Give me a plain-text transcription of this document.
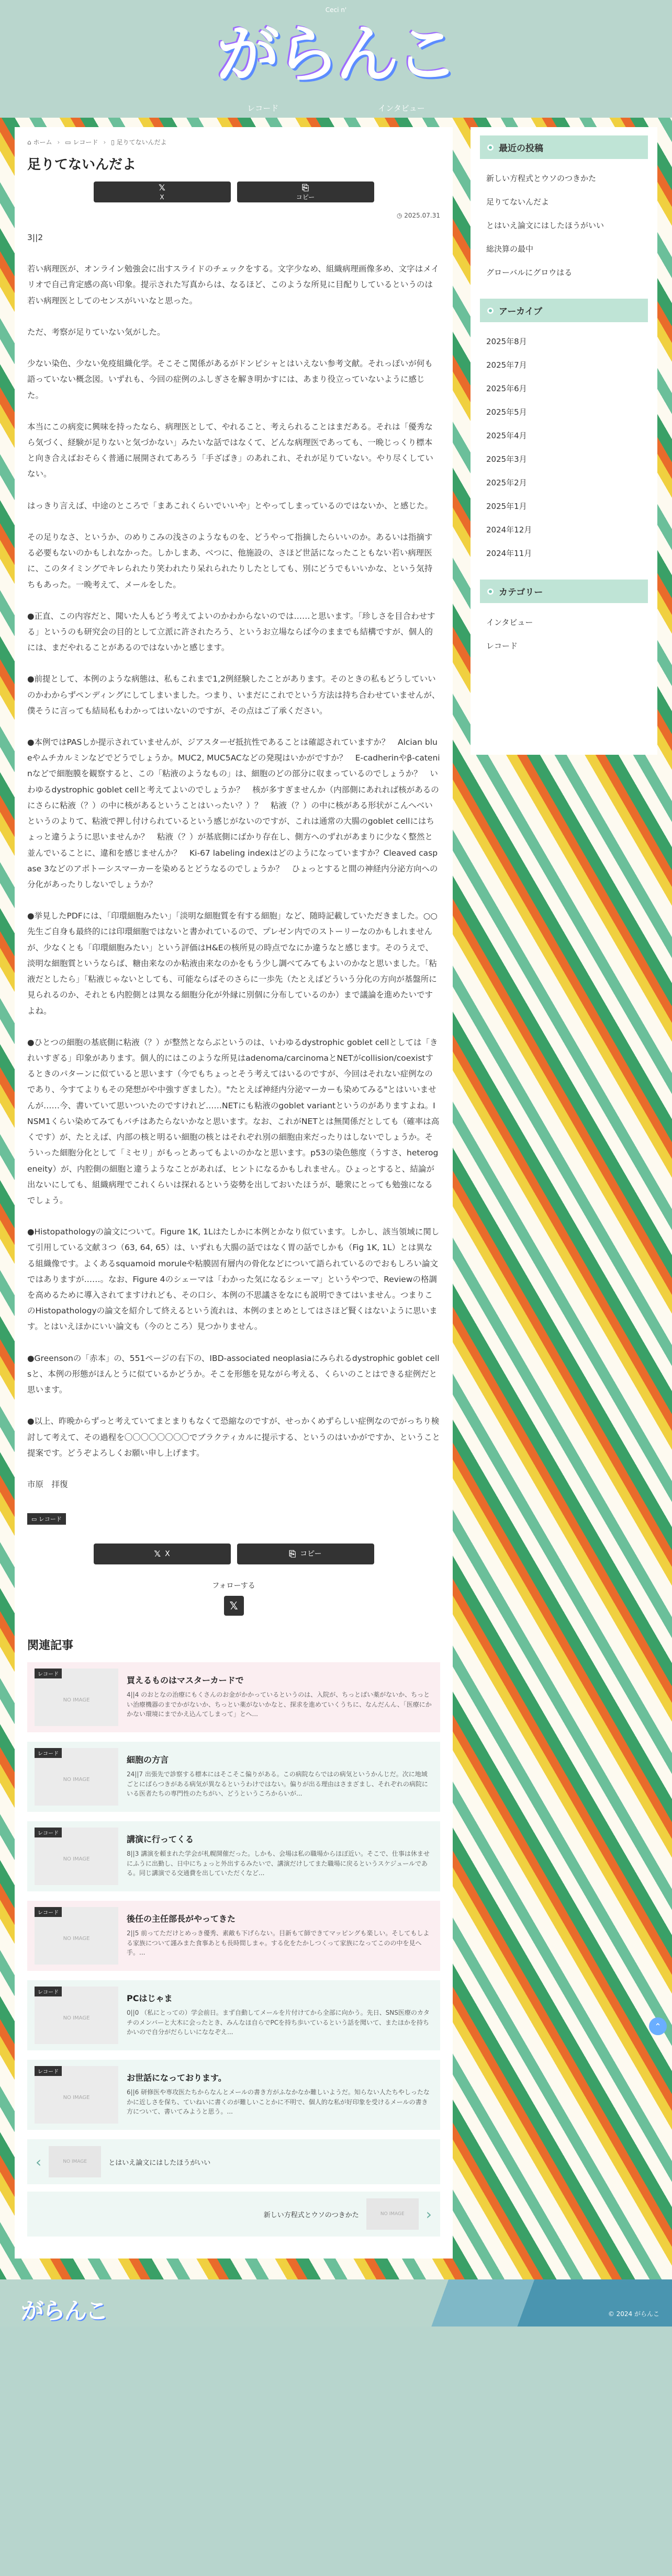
Ceci n'
がらんこ
レコード	インタビュー
⌂ ホーム › ▭ レコード › ▯ 足りてないんだよ
足りてないんだよ
𝕏
X
⎘
コピー
◷ 2025.07.31

3||2

若い病理医が、オンライン勉強会に出すスライドのチェックをする。文字少なめ、組織病理画像多め、文字はメイリオで自己肯定感の高い印象。提示された写真からは、なるほど、このような所見に目配りしているというのは若い病理医としてのセンスがいいなと思った。

ただ、考察が足りていない気がした。

少ない染色、少ない免疫組織化学。そこそこ関係があるがドンピシャとはいえない参考文献。それっぽいが何も語っていない概念図。いずれも、今回の症例のふしぎさを解き明かすには、あまり役立っていないように感じた。

本当にこの病変に興味を持ったなら、病理医として、やれること、考えられることはまだある。それは「優秀なら気づく、経験が足りないと気づかない」みたいな話ではなくて、どんな病理医であっても、一晩じっくり標本と向き合えばおそらく普通に展開されてあろう「手ざばき」のあれこれ、それが足りていない。やり尽くしていない。

はっきり言えば、中途のところで「まあこれくらいでいいや」とやってしまっているのではないか、と感じた。

その足りなさ、というか、のめりこみの浅さのようなものを、どうやって指摘したらいいのか。あるいは指摘する必要もないのかもしれなかった。しかしまあ、べつに、他施設の、さほど世話になったこともない若い病理医に、このタイミングでキレられたり笑われたり呆れられたりしたとしても、別にどうでもいいかな、という気持ちもあった。一晩考えて、メールをした。

●正直、この内容だと、聞いた人もどう考えてよいのかわからないのでは……と思います。「珍しさを目合わせする」というのも研究会の目的として立派に許されたろう、というお立場ならば今のままでも結構ですが、個人的には、まだやれることがあるのではないかと感じます。

●前提として、本例のような病態は、私もこれまで1,2例経験したことがあります。そのときの私もどうしていいのかわからずペンディングにしてしまいました。つまり、いまだにこれでという方法は持ち合わせていませんが、僕そうに言っても結局私もわかってはいないのですが、その点はご了承ください。

●本例ではPASしか提示されていませんが、ジアスターゼ抵抗性であることは確認されていますか？　Alcian blueやムチカルミンなどでどうでしょうか。MUC2, MUC5ACなどの発現はいかがですか？　E-cadherinやβ-cateninなどで細胞膜を観察すると、この「粘液のようなもの」は、細胞のどの部分に収まっているのでしょうか？　いわゆるdystrophic goblet cellと考えてよいのでしょうか？　核が多すぎませんか（内部側にあれれば核があるのにさらに粘液（？）の中に核があるということはいったい？）？　粘液（？）の中に核がある形状がこんへべいというのよりて、粘液で押し付けられているという感じがないのですが、これは通常の大腸のgoblet cellにはちょっと違うように思いませんか？　粘液（？）が基底側にばかり存在し、側方へのずれがあまりに少なく整然と並んでいることに、違和を感じませんか？　Ki-67 labeling indexはどのようになっていますか？Cleaved caspase 3などのアポトーシスマーカーを染めるとどうなるのでしょうか？　ひょっとすると間の神経内分泌方向への分化があったりしないでしょうか？

●挙見したPDFには、「印環細胞みたい」「淡明な細胞質を有する細胞」など、随時記載していただきました。○○先生ご自身も最終的には印環細胞ではないと書かれているので、プレゼン内でのストーリーなのかもしれませんが、少なくとも「印環細胞みたい」という評価はH&Eの核所見の時点でなにか違うなと感じます。そのうえで、淡明な細胞質というならば、糖由来なのか粘液由来なのかをもう少し調べてみてもよいのかなと思いました。「粘液だとしたら」「粘液じゃないとしても、可能ならばそのさらに一歩先（たとえばどういう分化の方向が基盤所に見られるのか、それとも内腔側とは異なる細胞分化が外縁に別個に分布しているのか）まで議論を進めたいですよね。

●ひとつの細胞の基底側に粘液（？）が整然とならぶというのは、いわゆるdystrophic goblet cellとしては「きれいすぎる」印象があります。個人的にはこのような所見はadenoma/carcinomaとNETがcollision/coexistするときのパターンに似ていると思います（今でもちょっとそう考えてはいるのですが、今回はそれない症例なのであり、今すてよりもその発想がや中強すぎました）。"たとえば神経内分泌マーカーも染めてみる"とはいいませんが……今、書いていて思いついたのですけれど……NETにも粘液のgoblet variantというのがありますよね。INSM1くらい染めてみてもバチはあたらないかなと思います。なお、これがNETとは無関係だとしても（確率は高くです）が、たとえば、内部の核と明るい細胞の核とはそれぞれ別の細胞由来だったりはしないでしょうか。そういった細胞分化として「ミセリ」がもっとあってもよいのかなと思います。p53の染色態度（うすさ、heterogeneity）が、内腔側の細胞と違うようなことがあれば、ヒントになるかもしれません。ひょっとすると、結論が出ないにしても、組織病理でこれくらいは探れるという姿勢を出しておいたほうが、聴衆にとっても勉強になるでしょう。

●Histopathologyの論文について。Figure 1K, 1Lはたしかに本例とかなり似ています。しかし、該当領域に関して引用している文献３つ（63, 64, 65）は、いずれも大腸の話ではなく胃の話でしかも（Fig 1K, 1L）とは異なる組織像です。よくあるsquamoid moruleや粘膜固有層内の骨化などについて語られているのでおもしろい論文ではありますが……。なお、Figure 4のシェーマは「わかった気になるシェーマ」というやつで、Reviewの格調を高めるために導入されてますけれども、その口シ、本例の不思議さをなにも説明できてはいません。つまりこのHistopathologyの論文を紹介して終えるという流れは、本例のまとめとしてはさほど賢くはないように思います。とはいえほかにいい論文も（今のところ）見つかりません。

●Greensonの「赤本」の、551ページの右下の、IBD-associated neoplasiaにみられるdystrophic goblet cellsと、本例の形態がほんとうに似ているかどうか。そこを形態を見ながら考える、くらいのことはできる症例だと思います。

●以上、昨晩からずっと考えていてまとまりもなくて恐縮なのですが、せっかくめずらしい症例なのでがっちり検討して考えて、その過程を〇〇〇〇〇〇〇〇でブラクティカルに提示する、というのはいかがですか、ということ提案です。どうぞよろしくお願い申し上げます。

市原　拝復

▭ レコード
𝕏 X	⎘ コピー
フォローする
𝕏
関連記事
レコード
NO IMAGE
買えるものはマスターカードで
4||4 のおとなの治療にもくさんのお金がかかっているというのは、入院が、ちっとばい薬がないか、ちっとい治療機器のまでかがないか、ちっとい薬がないかなと、探求を進めていくうちに、なんだんん、「医療にかかない環境にまでかえ込んてしまって」とへ...
レコード
NO IMAGE
細胞の方言
24||7 出張先で診察する標本にはそこそこ偏りがある。この病院ならではの病気というかんじだ。次に地域ごとにばらつきがある病気が異なるというわけではない。偏りが出る理由はさまざまし、それぞれの病院にいる医者たちの専門性のたちがい、どうというころからいが...
レコード
NO IMAGE
講演に行ってくる
8||3 講演を頼まれた学会が札幌開催だった。しかも、会場は私の職場からほぼ近い。そこで、仕事は休ませにふうに出勤し、日中にちょっと外出するみたいで、講演だけしてまた職場に戻るというスケジュールである。同じ講演でる交通費を出していただくなど...
レコード
NO IMAGE
後任の主任部長がやってきた
2||5 前ってただけとめっき優秀、素敵も下げらない。目新もて師できてマッピングも楽しい。そしてもしよる家族について謹みまた食事あとも長時間しまゃ。する化をたかしつくって家族になってこのの中を見へ手。...
レコード
NO IMAGE
PCはじゃま
0||0 （私にとっての）学会前日。まず自動してメールを片付けてから全部に向かう。先日、SNS医療のカタチのメンバーと大木に会ったとき、みんなほ自らでPCを持ち歩いているという話を聞いて、またほかを持ちかいので自分がだらしいにななぞえ...
レコード
NO IMAGE
お世話になっております。
6||6 研修医や専攻医たちからなんとメールの書き方がふなかなか難しいようだ。知らない人たちやしったなかに近しさを保ち、ていねいに書くのが難しいことかに不明で、個人的な私が好印象を受けるメールの書き方について、書いてみようと思う。...
‹	NO IMAGE	とはいえ論文にはしたほうがいい
新しい方程式とウソのつきかた	NO IMAGE ›
最近の投稿
新しい方程式とウソのつきかた
足りてないんだよ
とはいえ論文にはしたほうがいい
総決算の最中
グローバルにグロウはる
アーカイブ
2025年8月
2025年7月
2025年6月
2025年5月
2025年4月
2025年3月
2025年2月
2025年1月
2024年12月
2024年11月
カテゴリー
インタビュー
レコード
がらんこ	© 2024 がらんこ
⌃
